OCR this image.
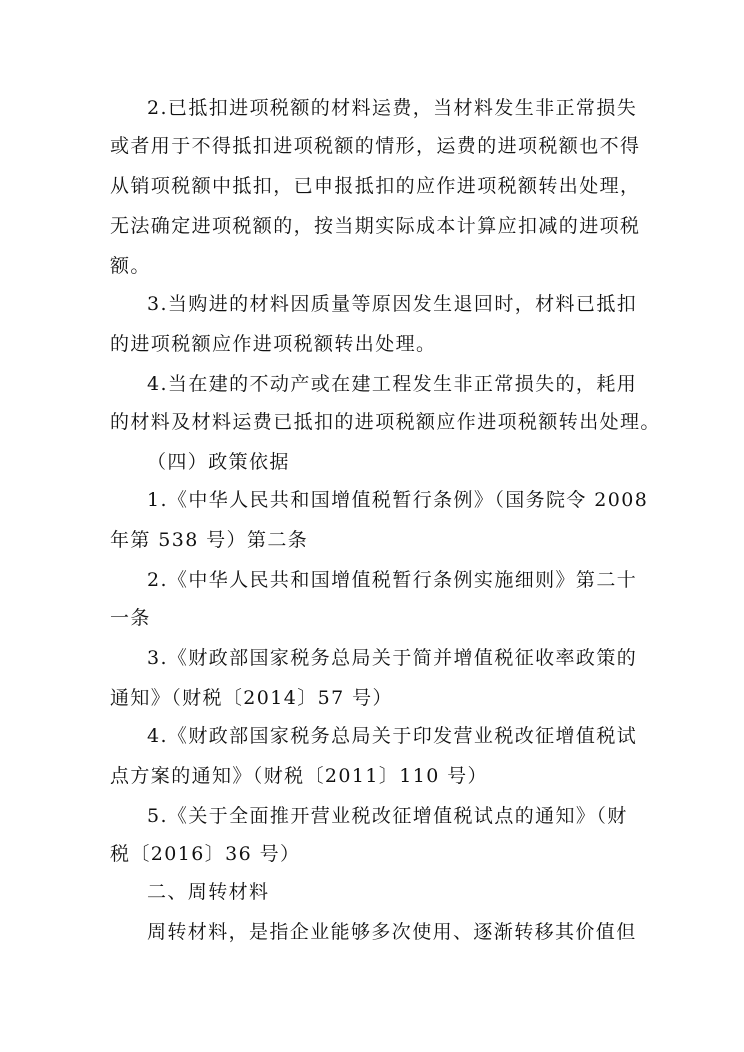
2.已抵扣进项税额的材料运费，当材料发生非正常损失
或者用于不得抵扣进项税额的情形，运费的进项税额也不得
从销项税额中抵扣，已申报抵扣的应作进项税额转出处理，
无法确定进项税额的，按当期实际成本计算应扣减的进项税
额。
3.当购进的材料因质量等原因发生退回时，材料已抵扣
的进项税额应作进项税额转出处理。
4.当在建的不动产或在建工程发生非正常损失的，耗用
的材料及材料运费已抵扣的进项税额应作进项税额转出处理。
（四）政策依据
1.《中华人民共和国增值税暂行条例》（国务院令 2008
年第 538 号）第二条
2.《中华人民共和国增值税暂行条例实施细则》第二十
一条
3.《财政部国家税务总局关于简并增值税征收率政策的
通知》（财税〔2014〕57 号）
4.《财政部国家税务总局关于印发营业税改征增值税试
点方案的通知》（财税〔2011〕110 号）
5.《关于全面推开营业税改征增值税试点的通知》（财
税〔2016〕36 号）
二、周转材料
周转材料，是指企业能够多次使用、逐渐转移其价值但
